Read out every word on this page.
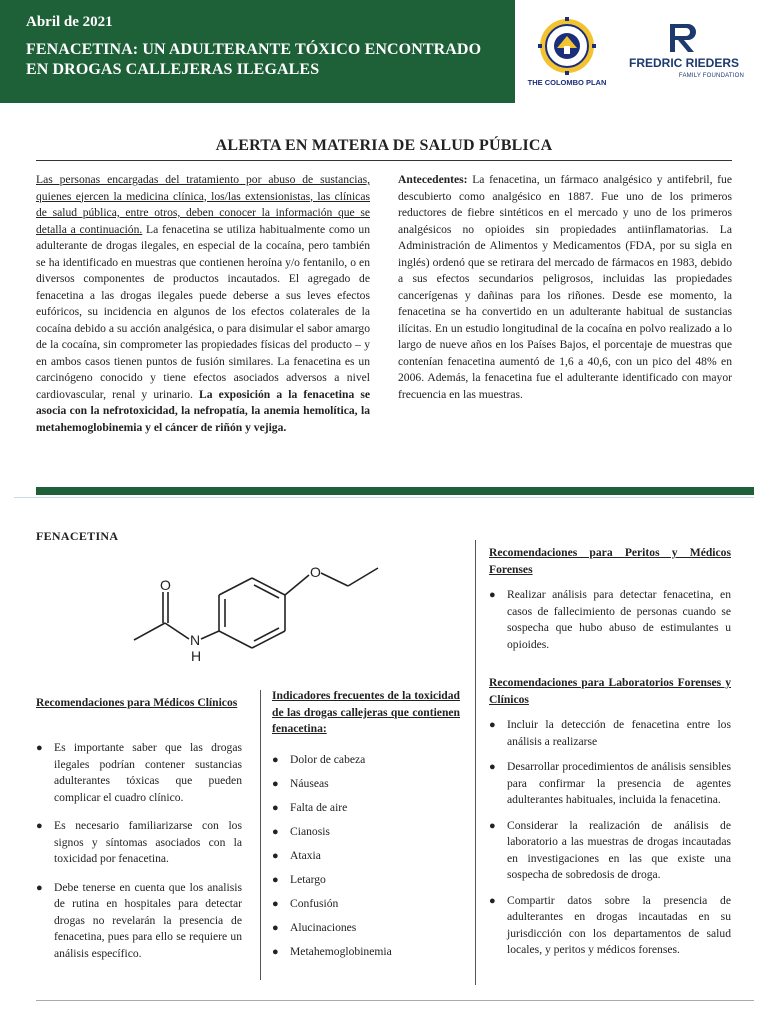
Abril de 2021
FENACETINA: UN ADULTERANTE TÓXICO ENCONTRADO EN DROGAS CALLEJERAS ILEGALES
THE COLOMBO PLAN
FREDRIC RIEDERS
FAMILY FOUNDATION
ALERTA EN MATERIA DE SALUD PÚBLICA
Las personas encargadas del tratamiento por abuso de sustancias, quienes ejercen la medicina clínica, los/las extensionistas, las clínicas de salud pública, entre otros, deben conocer la información que se detalla a continuación. La fenacetina se utiliza habitualmente como un adulterante de drogas ilegales, en especial de la cocaína, pero también se ha identificado en muestras que contienen heroína y/o fentanilo, o en diversos componentes de productos incautados. El agregado de fenacetina a las drogas ilegales puede deberse a sus leves efectos eufóricos, su incidencia en algunos de los efectos colaterales de la cocaína debido a su acción analgésica, o para disimular el sabor amargo de la cocaína, sin comprometer las propiedades físicas del producto – y en ambos casos tienen puntos de fusión similares. La fenacetina es un carcinógeno conocido y tiene efectos asociados adversos a nivel cardiovascular, renal y urinario. La exposición a la fenacetina se asocia con la nefrotoxicidad, la nefropatía, la anemia hemolítica, la metahemoglobinemia y el cáncer de riñón y vejiga.
Antecedentes: La fenacetina, un fármaco analgésico y antifebril, fue descubierto como analgésico en 1887. Fue uno de los primeros reductores de fiebre sintéticos en el mercado y uno de los primeros analgésicos no opioides sin propiedades antiinflamatorias. La Administración de Alimentos y Medicamentos (FDA, por su sigla en inglés) ordenó que se retirara del mercado de fármacos en 1983, debido a sus efectos secundarios peligrosos, incluidas las propiedades cancerígenas y dañinas para los riñones. Desde ese momento, la fenacetina se ha convertido en un adulterante habitual de sustancias ilícitas. En un estudio longitudinal de la cocaína en polvo realizado a lo largo de nueve años en los Países Bajos, el porcentaje de muestras que contenían fenacetina aumentó de 1,6 a 40,6, con un pico del 48% en 2006. Además, la fenacetina fue el adulterante identificado con mayor frecuencia en las muestras.
FENACETINA
O
O
N
H
Recomendaciones para Médicos Clínicos
● Es importante saber que las drogas ilegales podrían contener sustancias adulterantes tóxicas que pueden complicar el cuadro clínico.
● Es necesario familiarizarse con los signos y síntomas asociados con la toxicidad por fenacetina.
● Debe tenerse en cuenta que los analisis de rutina en hospitales para detectar drogas no revelarán la presencia de fenacetina, pues para ello se requiere un análisis específico.
Indicadores frecuentes de la toxicidad de las drogas callejeras que contienen fenacetina:
● Dolor de cabeza
● Náuseas
● Falta de aire
● Cianosis
● Ataxia
● Letargo
● Confusión
● Alucinaciones
● Metahemoglobinemia
Recomendaciones para Peritos y Médicos Forenses
● Realizar análisis para detectar fenacetina, en casos de fallecimiento de personas cuando se sospecha que hubo abuso de estimulantes u opioides.
Recomendaciones para Laboratorios Forenses y Clínicos
● Incluir la detección de fenacetina entre los análisis a realizarse
● Desarrollar procedimientos de análisis sensibles para confirmar la presencia de agentes adulterantes habituales, incluida la fenacetina.
● Considerar la realización de análisis de laboratorio a las muestras de drogas incautadas en investigaciones en las que existe una sospecha de sobredosis de droga.
● Compartir datos sobre la presencia de adulterantes en drogas incautadas en su jurisdicción con los departamentos de salud locales, y peritos y médicos forenses.
